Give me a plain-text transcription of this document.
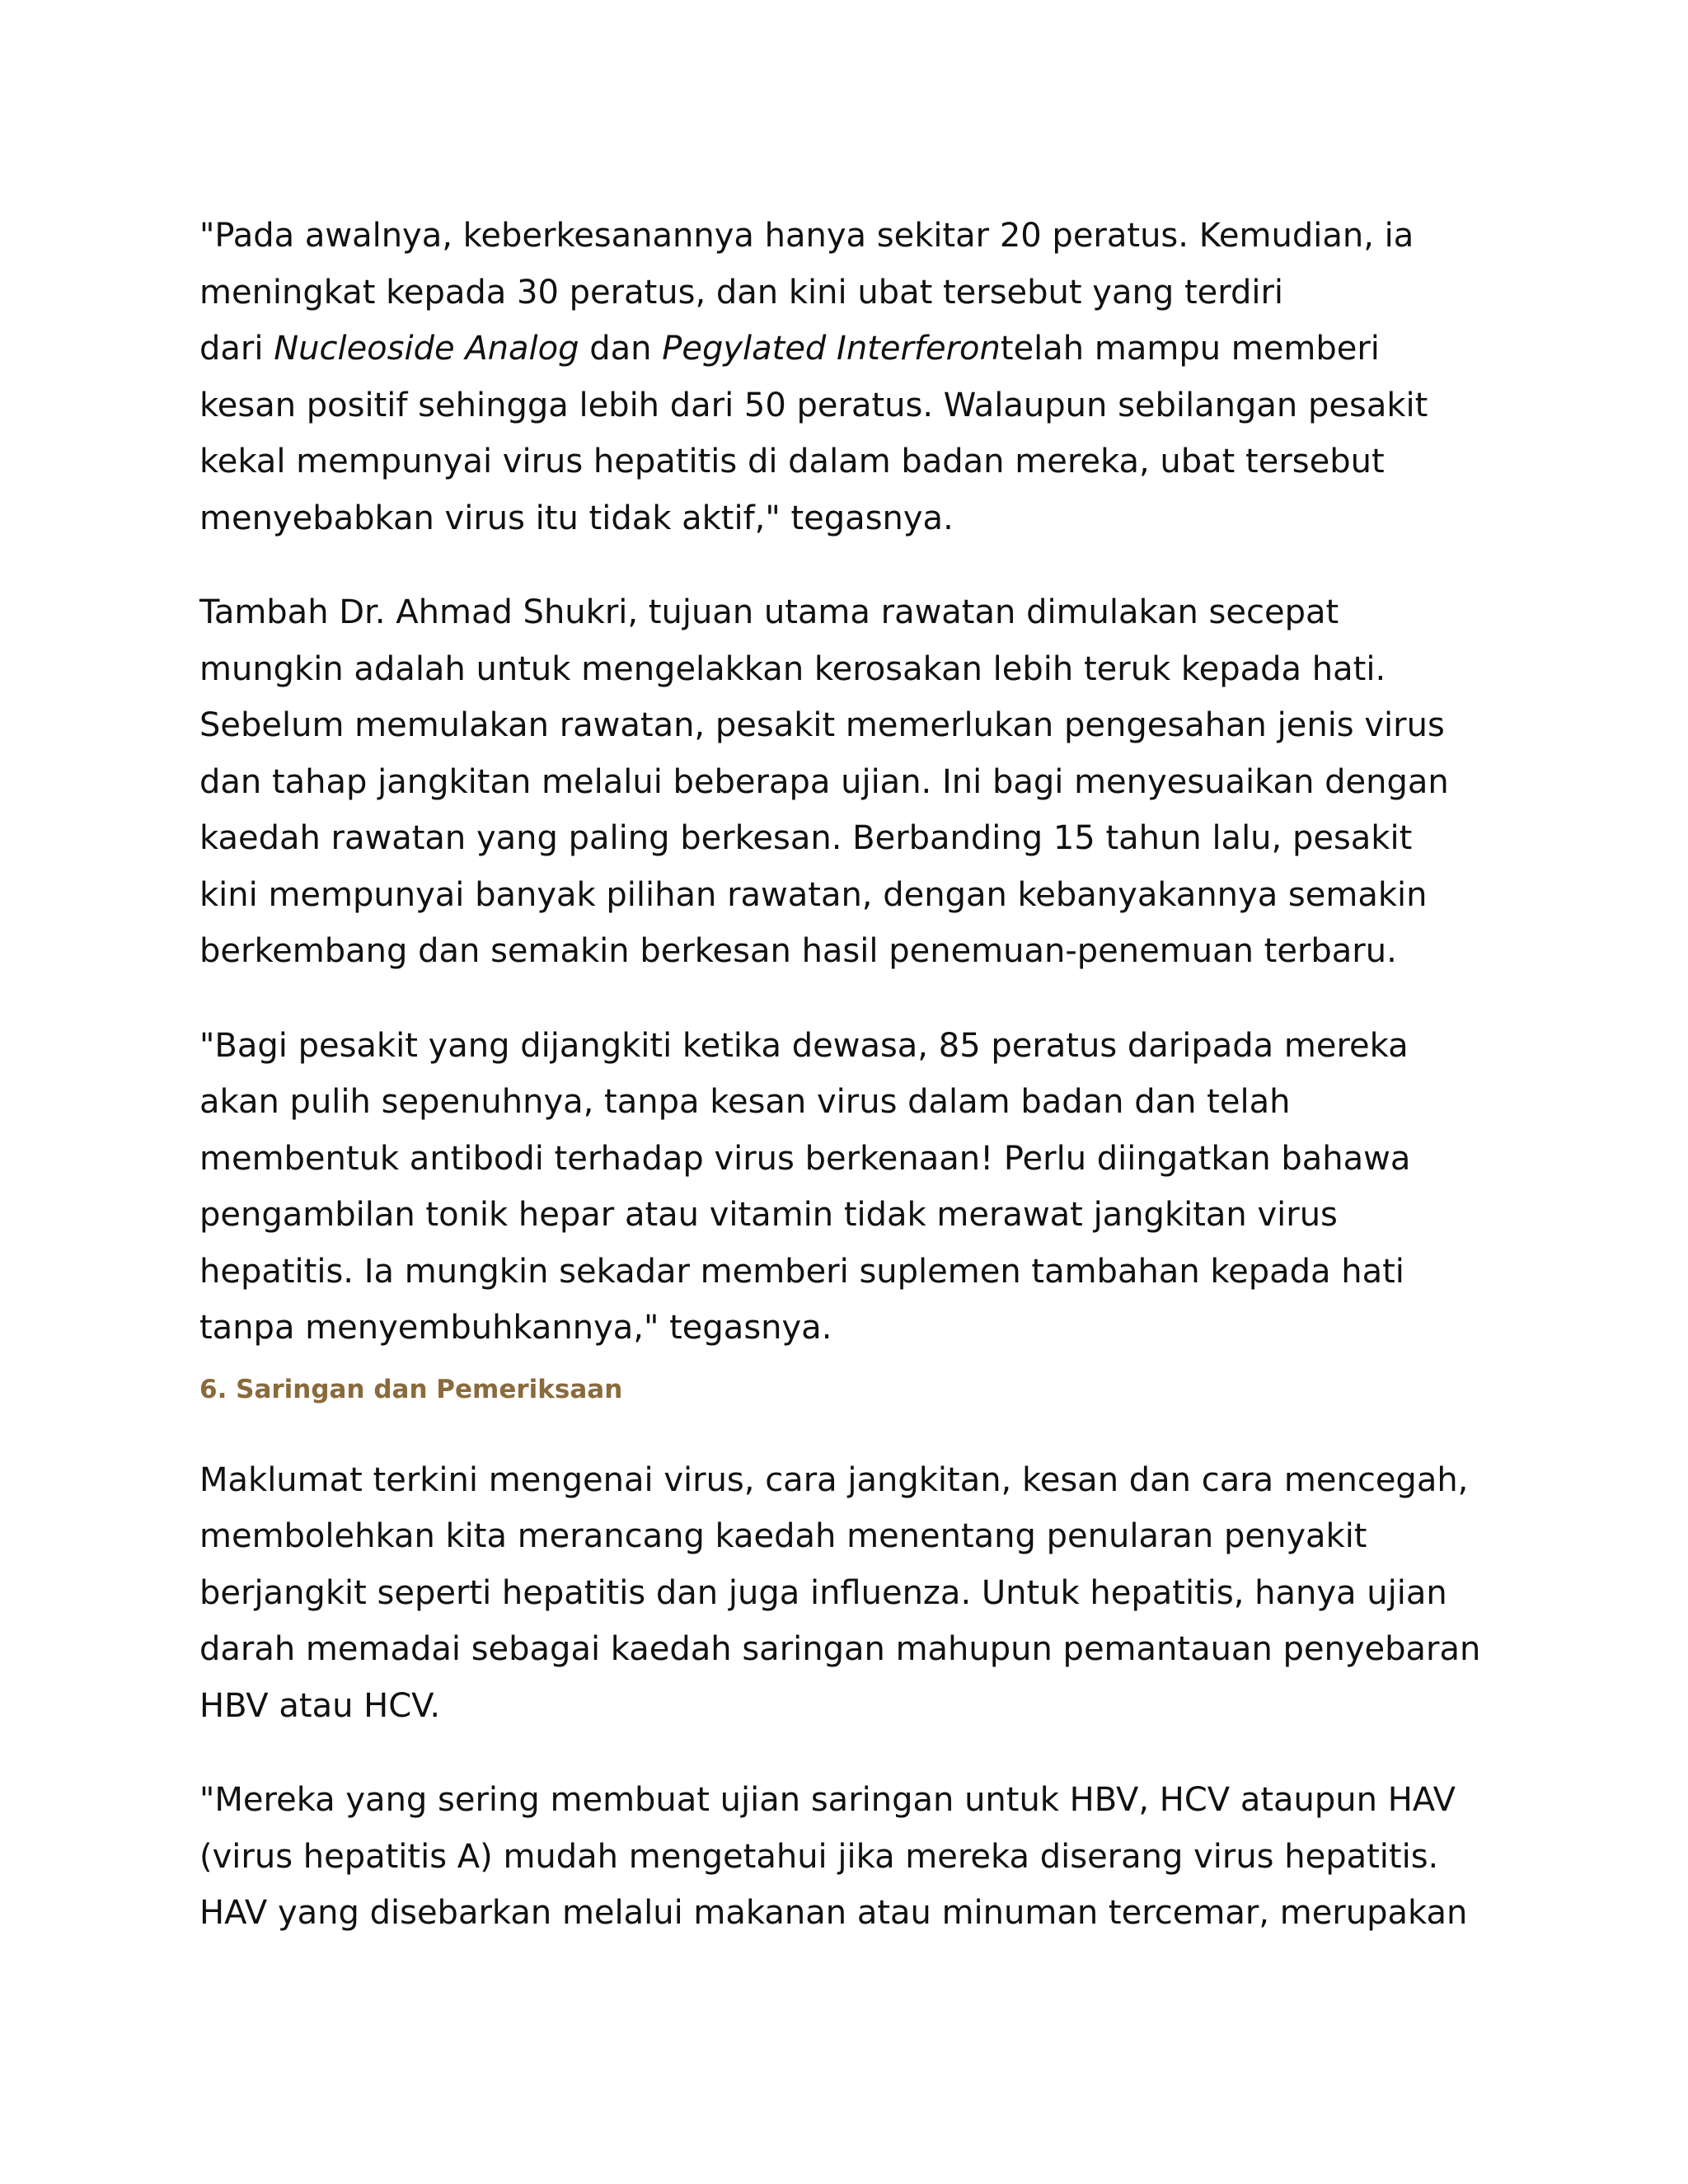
"Pada awalnya, keberkesanannya hanya sekitar 20 peratus. Kemudian, ia
meningkat kepada 30 peratus, dan kini ubat tersebut yang terdiri
dari Nucleoside Analog dan Pegylated Interferontelah mampu memberi
kesan positif sehingga lebih dari 50 peratus. Walaupun sebilangan pesakit
kekal mempunyai virus hepatitis di dalam badan mereka, ubat tersebut
menyebabkan virus itu tidak aktif," tegasnya.

Tambah Dr. Ahmad Shukri, tujuan utama rawatan dimulakan secepat
mungkin adalah untuk mengelakkan kerosakan lebih teruk kepada hati.
Sebelum memulakan rawatan, pesakit memerlukan pengesahan jenis virus
dan tahap jangkitan melalui beberapa ujian. Ini bagi menyesuaikan dengan
kaedah rawatan yang paling berkesan. Berbanding 15 tahun lalu, pesakit
kini mempunyai banyak pilihan rawatan, dengan kebanyakannya semakin
berkembang dan semakin berkesan hasil penemuan-penemuan terbaru.

"Bagi pesakit yang dijangkiti ketika dewasa, 85 peratus daripada mereka
akan pulih sepenuhnya, tanpa kesan virus dalam badan dan telah
membentuk antibodi terhadap virus berkenaan! Perlu diingatkan bahawa
pengambilan tonik hepar atau vitamin tidak merawat jangkitan virus
hepatitis. Ia mungkin sekadar memberi suplemen tambahan kepada hati
tanpa menyembuhkannya," tegasnya.

6. Saringan dan Pemeriksaan

Maklumat terkini mengenai virus, cara jangkitan, kesan dan cara mencegah,
membolehkan kita merancang kaedah menentang penularan penyakit
berjangkit seperti hepatitis dan juga influenza. Untuk hepatitis, hanya ujian
darah memadai sebagai kaedah saringan mahupun pemantauan penyebaran
HBV atau HCV.

"Mereka yang sering membuat ujian saringan untuk HBV, HCV ataupun HAV
(virus hepatitis A) mudah mengetahui jika mereka diserang virus hepatitis.
HAV yang disebarkan melalui makanan atau minuman tercemar, merupakan
